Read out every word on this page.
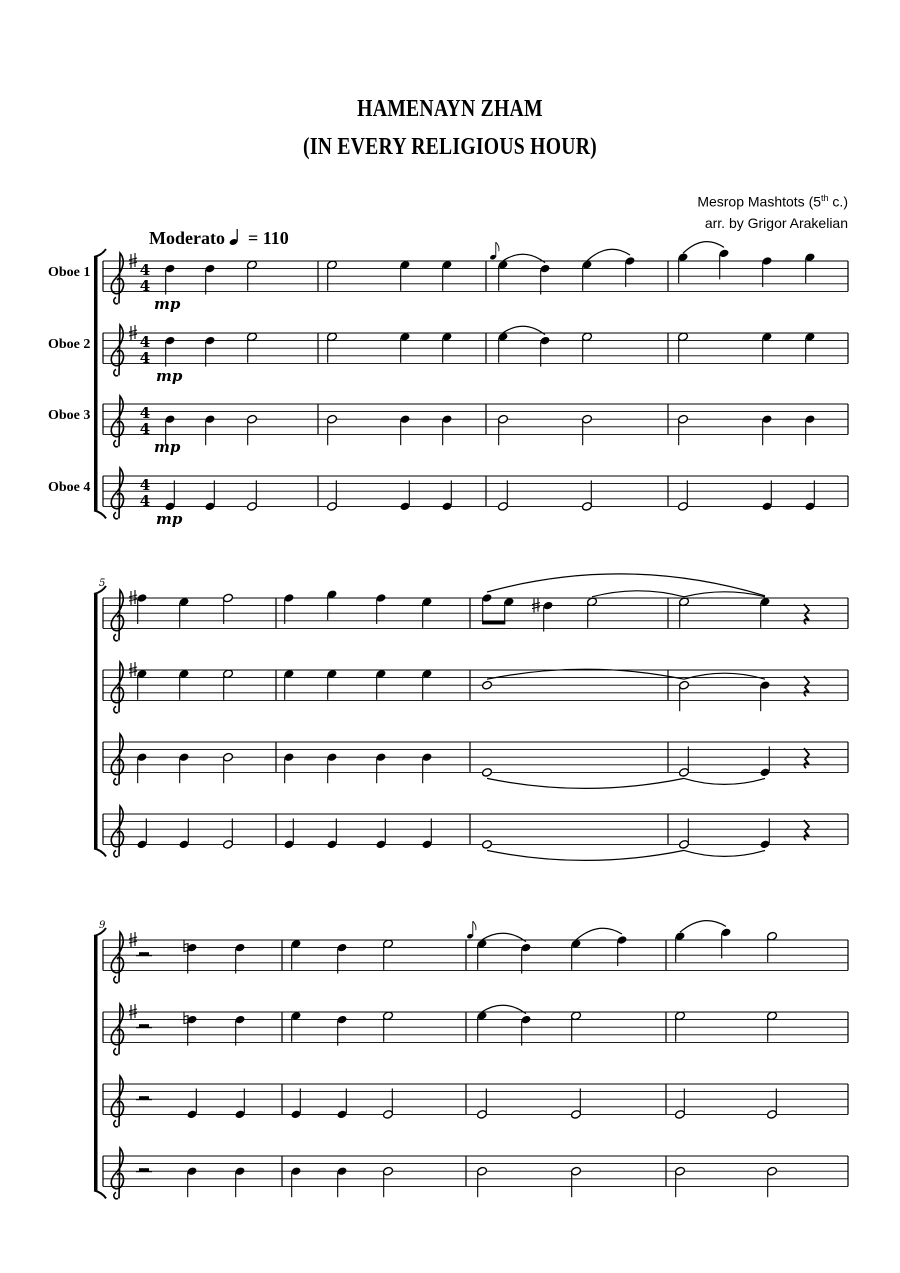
HAMENAYN ZHAM
(IN EVERY RELIGIOUS HOUR)
Mesrop Mashtots (5th c.)
arr. by Grigor Arakelian
Moderato = 110
Oboe 1
Oboe 2
Oboe 3
Oboe 4
4
4
4
4
4
4
4
4
5
9
mp
mp
mp
mp
